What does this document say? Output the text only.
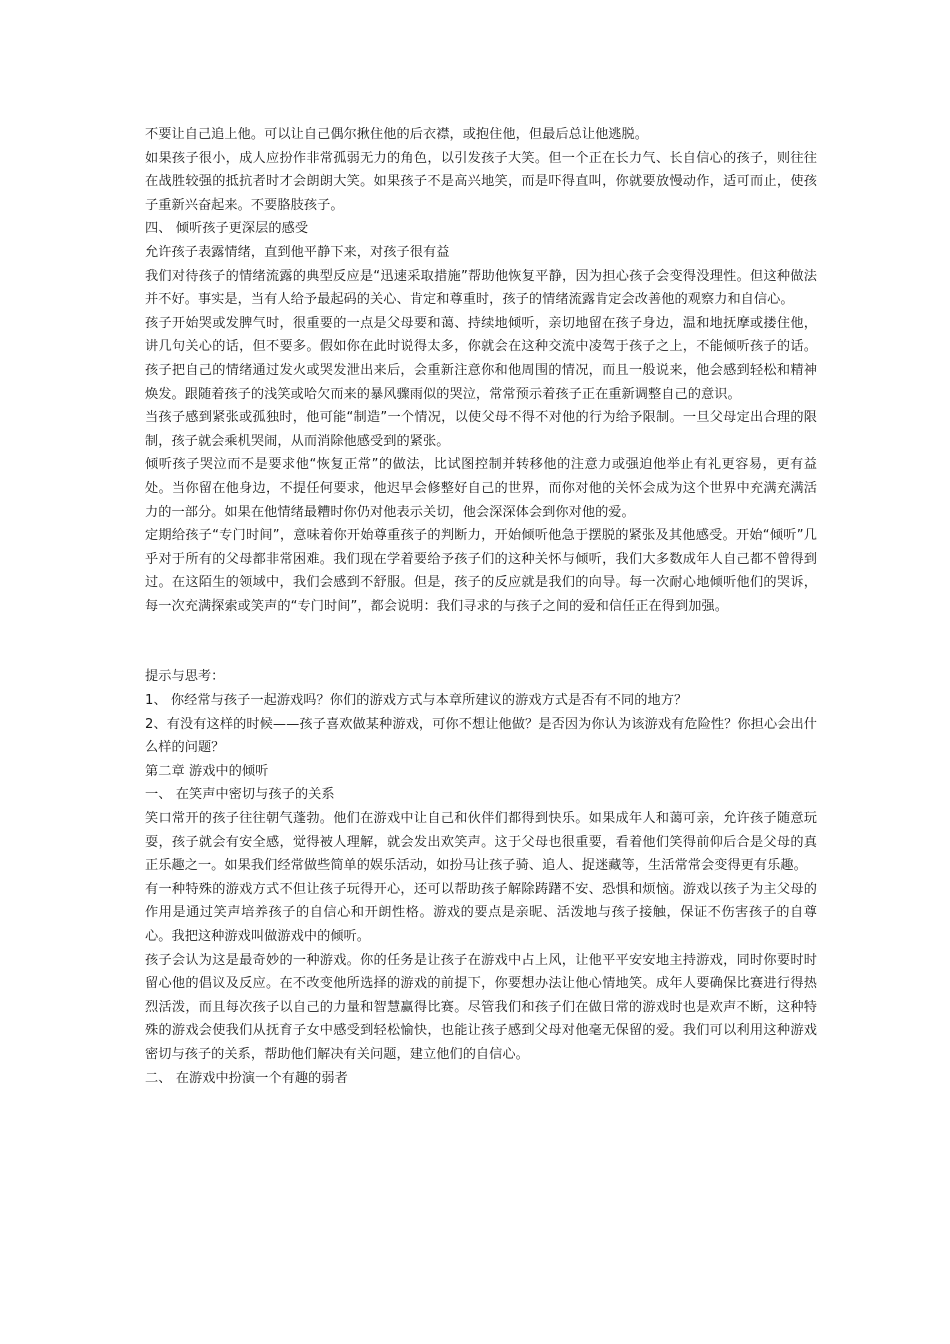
不要让自己追上他。可以让自己偶尔揪住他的后衣襟，或抱住他，但最后总让他逃脱。

如果孩子很小，成人应扮作非常孤弱无力的角色，以引发孩子大笑。但一个正在长力气、长自信心的孩子，则往往在战胜较强的抵抗者时才会朗朗大笑。如果孩子不是高兴地笑，而是吓得直叫，你就要放慢动作，适可而止，使孩子重新兴奋起来。不要胳肢孩子。

四、 倾听孩子更深层的感受

允许孩子表露情绪，直到他平静下来，对孩子很有益

我们对待孩子的情绪流露的典型反应是“迅速采取措施”帮助他恢复平静，因为担心孩子会变得没理性。但这种做法并不好。事实是，当有人给予最起码的关心、肯定和尊重时，孩子的情绪流露肯定会改善他的观察力和自信心。

孩子开始哭或发脾气时，很重要的一点是父母要和蔼、持续地倾听，亲切地留在孩子身边，温和地抚摩或搂住他，讲几句关心的话，但不要多。假如你在此时说得太多，你就会在这种交流中凌驾于孩子之上，不能倾听孩子的话。孩子把自己的情绪通过发火或哭发泄出来后，会重新注意你和他周围的情况，而且一般说来，他会感到轻松和精神焕发。跟随着孩子的浅笑或哈欠而来的暴风骤雨似的哭泣，常常预示着孩子正在重新调整自己的意识。

当孩子感到紧张或孤独时，他可能“制造”一个情况，以使父母不得不对他的行为给予限制。一旦父母定出合理的限制，孩子就会乘机哭闹，从而消除他感受到的紧张。

倾听孩子哭泣而不是要求他“恢复正常”的做法，比试图控制并转移他的注意力或强迫他举止有礼更容易，更有益处。当你留在他身边，不提任何要求，他迟早会修整好自己的世界，而你对他的关怀会成为这个世界中充满充满活力的一部分。如果在他情绪最糟时你仍对他表示关切，他会深深体会到你对他的爱。

定期给孩子“专门时间”，意味着你开始尊重孩子的判断力，开始倾听他急于摆脱的紧张及其他感受。开始“倾听”几乎对于所有的父母都非常困难。我们现在学着要给予孩子们的这种关怀与倾听，我们大多数成年人自己都不曾得到过。在这陌生的领域中，我们会感到不舒服。但是，孩子的反应就是我们的向导。每一次耐心地倾听他们的哭诉，每一次充满探索或笑声的“专门时间”，都会说明：我们寻求的与孩子之间的爱和信任正在得到加强。

提示与思考：

1、 你经常与孩子一起游戏吗？你们的游戏方式与本章所建议的游戏方式是否有不同的地方？

2、有没有这样的时候——孩子喜欢做某种游戏，可你不想让他做？是否因为你认为该游戏有危险性？你担心会出什么样的问题？

第二章 游戏中的倾听

一、 在笑声中密切与孩子的关系

笑口常开的孩子往往朝气蓬勃。他们在游戏中让自己和伙伴们都得到快乐。如果成年人和蔼可亲，允许孩子随意玩耍，孩子就会有安全感，觉得被人理解，就会发出欢笑声。这于父母也很重要，看着他们笑得前仰后合是父母的真正乐趣之一。如果我们经常做些简单的娱乐活动，如扮马让孩子骑、追人、捉迷藏等，生活常常会变得更有乐趣。

有一种特殊的游戏方式不但让孩子玩得开心，还可以帮助孩子解除踌躇不安、恐惧和烦恼。游戏以孩子为主父母的作用是通过笑声培养孩子的自信心和开朗性格。游戏的要点是亲昵、活泼地与孩子接触，保证不伤害孩子的自尊心。我把这种游戏叫做游戏中的倾听。

孩子会认为这是最奇妙的一种游戏。你的任务是让孩子在游戏中占上风，让他平平安安地主持游戏，同时你要时时留心他的倡议及反应。在不改变他所选择的游戏的前提下，你要想办法让他心情地笑。成年人要确保比赛进行得热烈活泼，而且每次孩子以自己的力量和智慧赢得比赛。尽管我们和孩子们在做日常的游戏时也是欢声不断，这种特殊的游戏会使我们从抚育子女中感受到轻松愉快，也能让孩子感到父母对他毫无保留的爱。我们可以利用这种游戏密切与孩子的关系，帮助他们解决有关问题，建立他们的自信心。

二、 在游戏中扮演一个有趣的弱者
